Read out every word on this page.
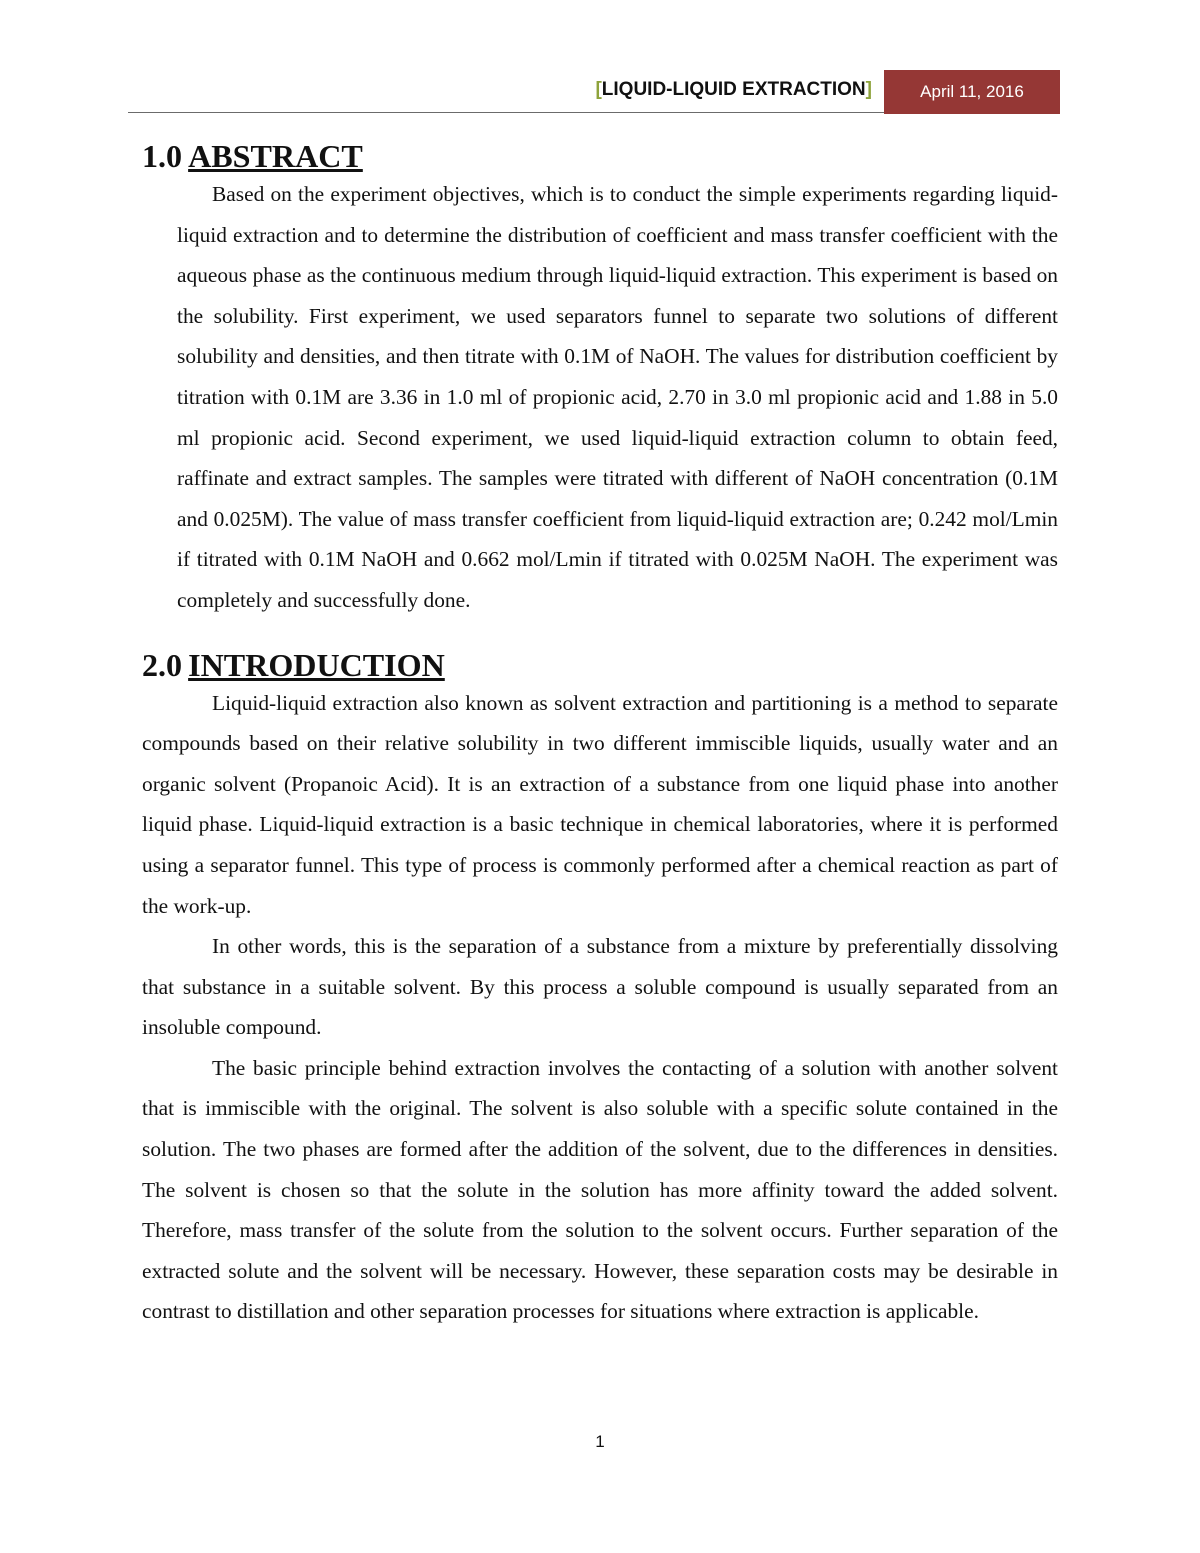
[LIQUID-LIQUID EXTRACTION]	April 11, 2016
1.0 ABSTRACT

Based on the experiment objectives, which is to conduct the simple experiments regarding liquid-liquid extraction and to determine the distribution of coefficient and mass transfer coefficient with the aqueous phase as the continuous medium through liquid-liquid extraction. This experiment is based on the solubility. First experiment, we used separators funnel to separate two solutions of different solubility and densities, and then titrate with 0.1M of NaOH. The values for distribution coefficient by titration with 0.1M are 3.36 in 1.0 ml of propionic acid, 2.70 in 3.0 ml propionic acid and 1.88 in 5.0 ml propionic acid. Second experiment, we used liquid-liquid extraction column to obtain feed, raffinate and extract samples. The samples were titrated with different of NaOH concentration (0.1M and 0.025M). The value of mass transfer coefficient from liquid-liquid extraction are; 0.242 mol/Lmin if titrated with 0.1M NaOH and 0.662 mol/Lmin if titrated with 0.025M NaOH. The experiment was completely and successfully done.

2.0 INTRODUCTION

Liquid-liquid extraction also known as solvent extraction and partitioning is a method to separate compounds based on their relative solubility in two different immiscible liquids, usually water and an organic solvent (Propanoic Acid). It is an extraction of a substance from one liquid phase into another liquid phase. Liquid-liquid extraction is a basic technique in chemical laboratories, where it is performed using a separator funnel. This type of process is commonly performed after a chemical reaction as part of the work-up.

In other words, this is the separation of a substance from a mixture by preferentially dissolving that substance in a suitable solvent. By this process a soluble compound is usually separated from an insoluble compound.

The basic principle behind extraction involves the contacting of a solution with another solvent that is immiscible with the original. The solvent is also soluble with a specific solute contained in the solution. The two phases are formed after the addition of the solvent, due to the differences in densities. The solvent is chosen so that the solute in the solution has more affinity toward the added solvent. Therefore, mass transfer of the solute from the solution to the solvent occurs. Further separation of the extracted solute and the solvent will be necessary. However, these separation costs may be desirable in contrast to distillation and other separation processes for situations where extraction is applicable.

1
